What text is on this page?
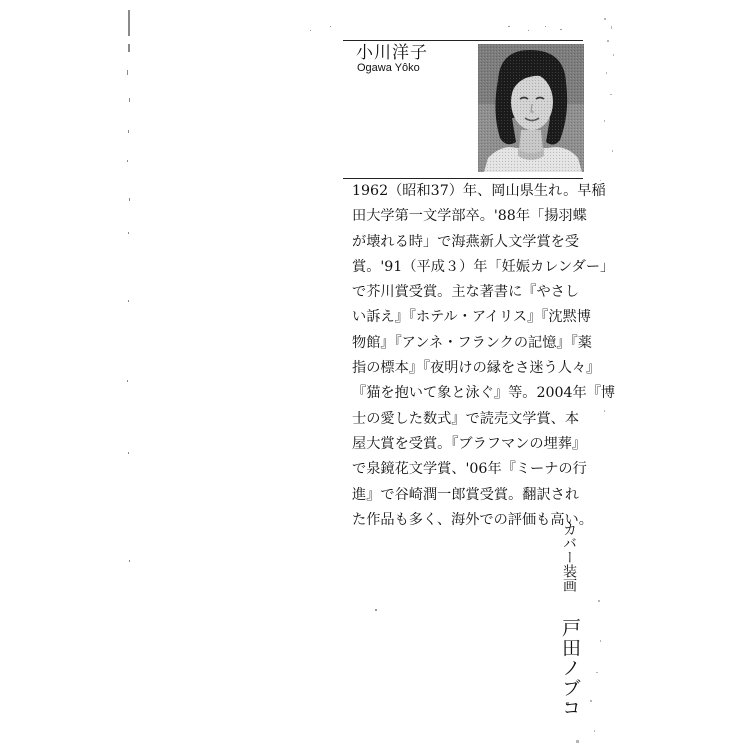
小川洋子
Ogawa Yôko
1962（昭和37）年、岡山県生れ。早稲
田大学第一文学部卒。'88年「揚羽蝶
が壊れる時」で海燕新人文学賞を受
賞。'91（平成３）年「妊娠カレンダー」
で芥川賞受賞。主な著書に『やさし
い訴え』『ホテル・アイリス』『沈黙博
物館』『アンネ・フランクの記憶』『薬
指の標本』『夜明けの縁をさ迷う人々』
『猫を抱いて象と泳ぐ』等。2004年『博
士の愛した数式』で読売文学賞、本
屋大賞を受賞。『ブラフマンの埋葬』
で泉鏡花文学賞、'06年『ミーナの行
進』で谷崎潤一郎賞受賞。翻訳され
た作品も多く、海外での評価も高い。
カバー装画
戸田ノブコ
